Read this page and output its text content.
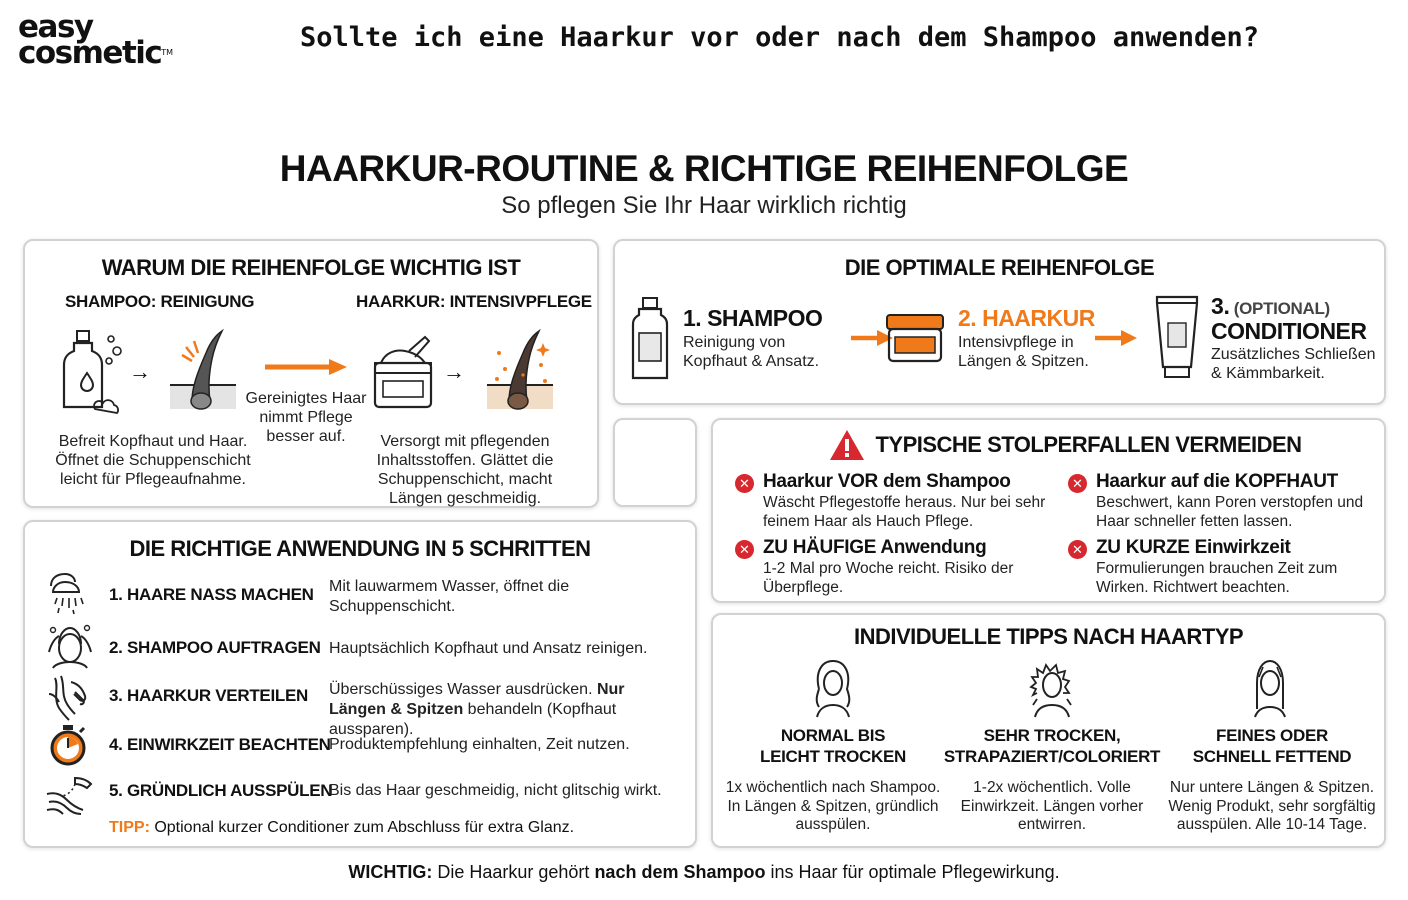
easy
cosmetic™	Sollte ich eine Haarkur vor oder nach dem Shampoo anwenden?
HAARKUR-ROUTINE & RICHTIGE REIHENFOLGE
So pflegen Sie Ihr Haar wirklich richtig
WARUM DIE REIHENFOLGE WICHTIG IST
SHAMPOO: REINIGUNG	HAARKUR: INTENSIVPFLEGE
→
Gereinigtes Haar nimmt Pflege besser auf.
→
Befreit Kopfhaut und Haar. Öffnet die Schuppenschicht leicht für Pflegeaufnahme.
Versorgt mit pflegenden Inhaltsstoffen. Glättet die Schuppenschicht, macht Längen geschmeidig.
DIE OPTIMALE REIHENFOLGE
1. SHAMPOO
Reinigung von Kopfhaut & Ansatz.
2. HAARKUR
Intensivpflege in Längen & Spitzen.
3. (OPTIONAL)
CONDITIONER
Zusätzliches Schließen & Kämmbarkeit.
TYPISCHE STOLPERFALLEN VERMEIDEN
✕ Haarkur VOR dem Shampoo
Wäscht Pflegestoffe heraus. Nur bei sehr feinem Haar als Hauch Pflege.
✕ Haarkur auf die KOPFHAUT
Beschwert, kann Poren verstopfen und Haar schneller fetten lassen.
✕ ZU HÄUFIGE Anwendung
1-2 Mal pro Woche reicht. Risiko der Überpflege.
✕ ZU KURZE Einwirkzeit
Formulierungen brauchen Zeit zum Wirken. Richtwert beachten.
DIE RICHTIGE ANWENDUNG IN 5 SCHRITTEN
1. HAARE NASS MACHEN Mit lauwarmem Wasser, öffnet die Schuppenschicht.
2. SHAMPOO AUFTRAGEN Hauptsächlich Kopfhaut und Ansatz reinigen.
3. HAARKUR VERTEILEN Überschüssiges Wasser ausdrücken. Nur Längen & Spitzen behandeln (Kopfhaut aussparen).
4. EINWIRKZEIT BEACHTEN
Produktempfehlung einhalten, Zeit nutzen.
5. GRÜNDLICH AUSSPÜLEN
Bis das Haar geschmeidig, nicht glitschig wirkt.
TIPP: Optional kurzer Conditioner zum Abschluss für extra Glanz.
INDIVIDUELLE TIPPS NACH HAARTYP
NORMAL BIS
LEICHT TROCKEN
SEHR TROCKEN,
STRAPAZIERT/COLORIERT
FEINES ODER
SCHNELL FETTEND
1x wöchentlich nach Shampoo. In Längen & Spitzen, gründlich ausspülen.
1-2x wöchentlich. Volle Einwirkzeit. Längen vorher entwirren.
Nur untere Längen & Spitzen. Wenig Produkt, sehr sorgfältig ausspülen. Alle 10-14 Tage.
WICHTIG: Die Haarkur gehört nach dem Shampoo ins Haar für optimale Pflegewirkung.
